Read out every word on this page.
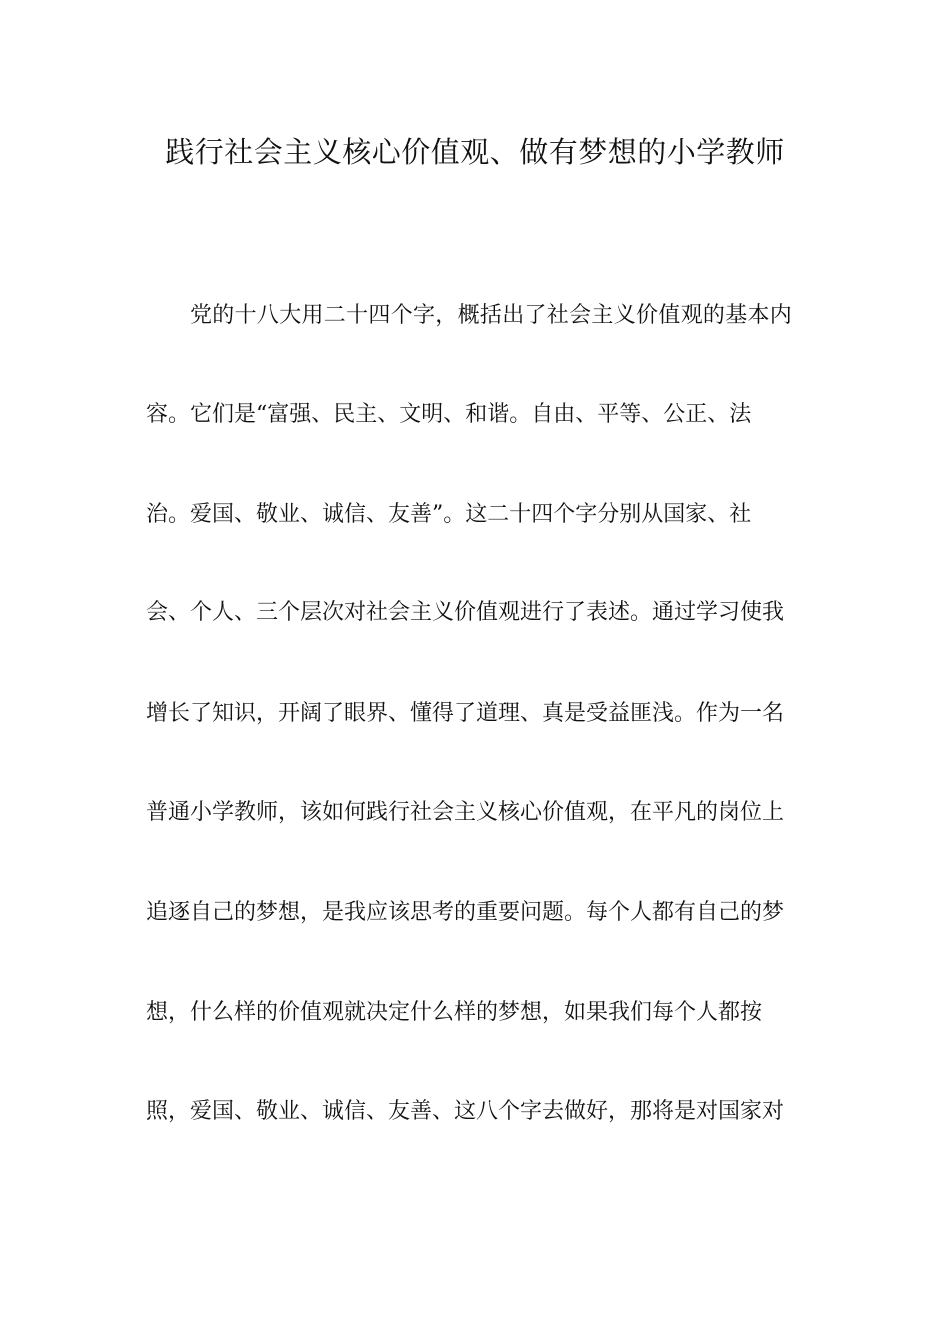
践行社会主义核心价值观、做有梦想的小学教师

党的十八大用二十四个字，概括出了社会主义价值观的基本内

容。它们是“富强、民主、文明、和谐。自由、平等、公正、法

治。爱国、敬业、诚信、友善”。这二十四个字分别从国家、社

会、个人、三个层次对社会主义价值观进行了表述。通过学习使我

增长了知识，开阔了眼界、懂得了道理、真是受益匪浅。作为一名

普通小学教师，该如何践行社会主义核心价值观，在平凡的岗位上

追逐自己的梦想，是我应该思考的重要问题。每个人都有自己的梦

想，什么样的价值观就决定什么样的梦想，如果我们每个人都按

照，爱国、敬业、诚信、友善、这八个字去做好，那将是对国家对
